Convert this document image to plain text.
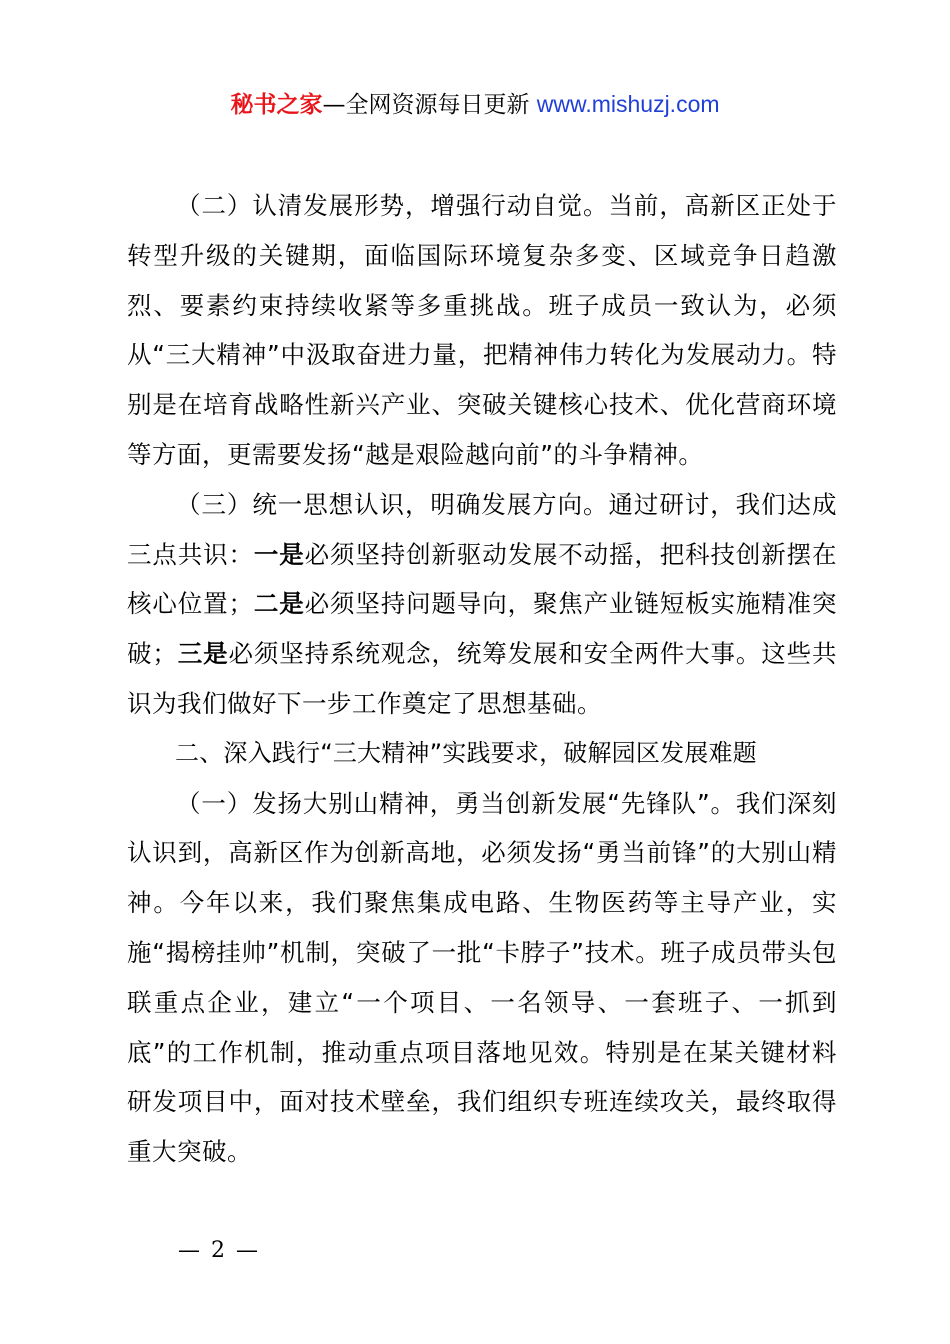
秘书之家—全网资源每日更新 www.mishuzj.com

（二）认清发展形势，增强行动自觉。当前，高新区正处于转型升级的关键期，面临国际环境复杂多变、区域竞争日趋激烈、要素约束持续收紧等多重挑战。班子成员一致认为，必须从“三大精神”中汲取奋进力量，把精神伟力转化为发展动力。特别是在培育战略性新兴产业、突破关键核心技术、优化营商环境等方面，更需要发扬“越是艰险越向前”的斗争精神。

（三）统一思想认识，明确发展方向。通过研讨，我们达成三点共识：一是必须坚持创新驱动发展不动摇，把科技创新摆在核心位置；二是必须坚持问题导向，聚焦产业链短板实施精准突破；三是必须坚持系统观念，统筹发展和安全两件大事。这些共识为我们做好下一步工作奠定了思想基础。

二、深入践行“三大精神”实践要求，破解园区发展难题

（一）发扬大别山精神，勇当创新发展“先锋队”。我们深刻认识到，高新区作为创新高地，必须发扬“勇当前锋”的大别山精神。今年以来，我们聚焦集成电路、生物医药等主导产业，实施“揭榜挂帅”机制，突破了一批“卡脖子”技术。班子成员带头包联重点企业，建立“一个项目、一名领导、一套班子、一抓到底”的工作机制，推动重点项目落地见效。特别是在某关键材料研发项目中，面对技术壁垒，我们组织专班连续攻关，最终取得重大突破。

— 2 —
